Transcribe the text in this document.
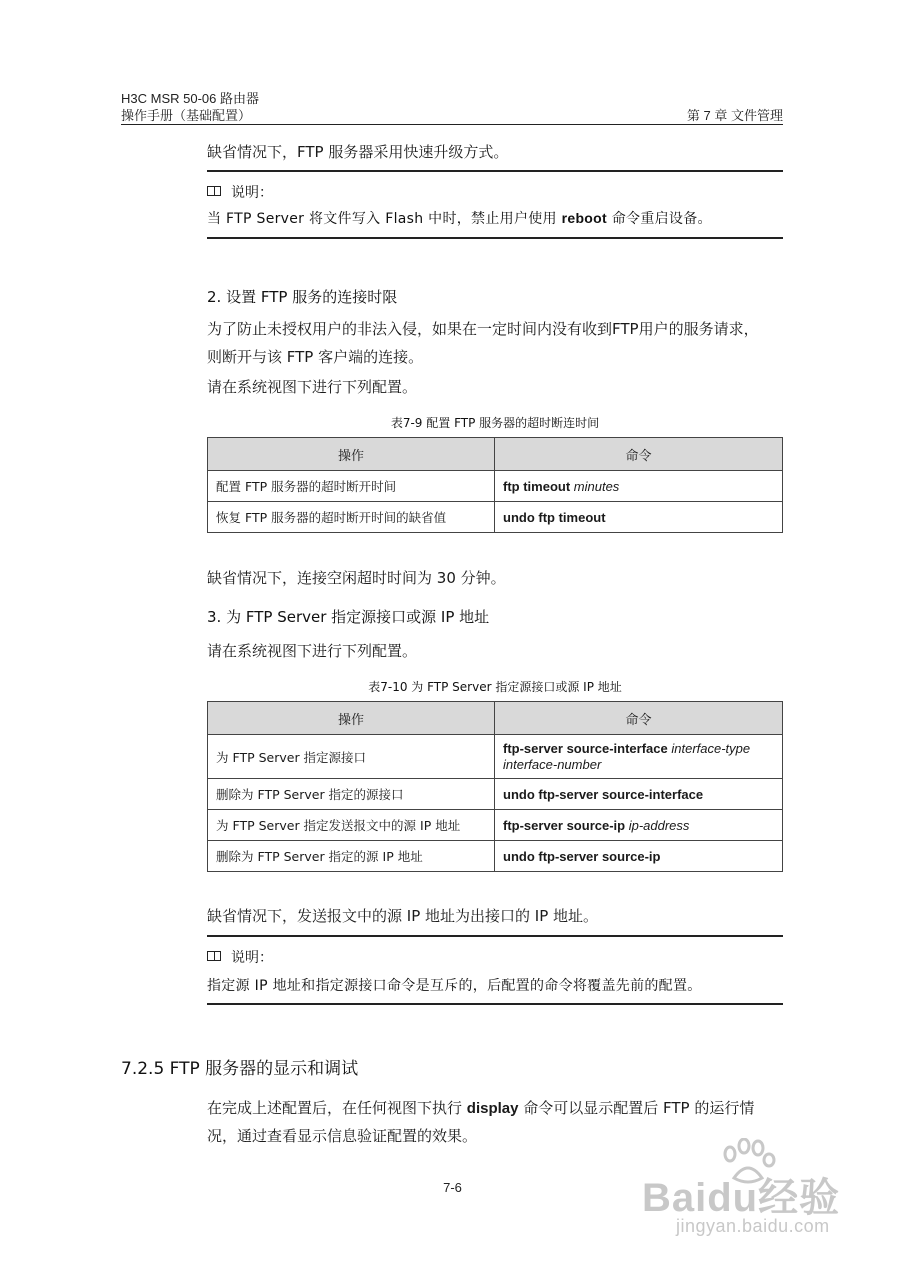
H3C MSR 50-06 路由器
操作手册（基础配置）	第 7 章 文件管理
缺省情况下，FTP 服务器采用快速升级方式。
说明：
当 FTP Server 将文件写入 Flash 中时，禁止用户使用 reboot 命令重启设备。
2. 设置 FTP 服务的连接时限
为了防止未授权用户的非法入侵，如果在一定时间内没有收到FTP用户的服务请求，
则断开与该 FTP 客户端的连接。
请在系统视图下进行下列配置。
表7-9 配置 FTP 服务器的超时断连时间
操作	命令
配置 FTP 服务器的超时断开时间	ftp timeout minutes
恢复 FTP 服务器的超时断开时间的缺省值	undo ftp timeout
缺省情况下，连接空闲超时时间为 30 分钟。
3. 为 FTP Server 指定源接口或源 IP 地址
请在系统视图下进行下列配置。
表7-10 为 FTP Server 指定源接口或源 IP 地址
操作	命令
为 FTP Server 指定源接口	ftp-server source-interface interface-type
interface-number
删除为 FTP Server 指定的源接口	undo ftp-server source-interface
为 FTP Server 指定发送报文中的源 IP 地址	ftp-server source-ip ip-address
删除为 FTP Server 指定的源 IP 地址	undo ftp-server source-ip
缺省情况下，发送报文中的源 IP 地址为出接口的 IP 地址。
说明：
指定源 IP 地址和指定源接口命令是互斥的，后配置的命令将覆盖先前的配置。
7.2.5 FTP 服务器的显示和调试
在完成上述配置后，在任何视图下执行 display 命令可以显示配置后 FTP 的运行情
况，通过查看显示信息验证配置的效果。
7-6	Baidu经验
jingyan.baidu.com
